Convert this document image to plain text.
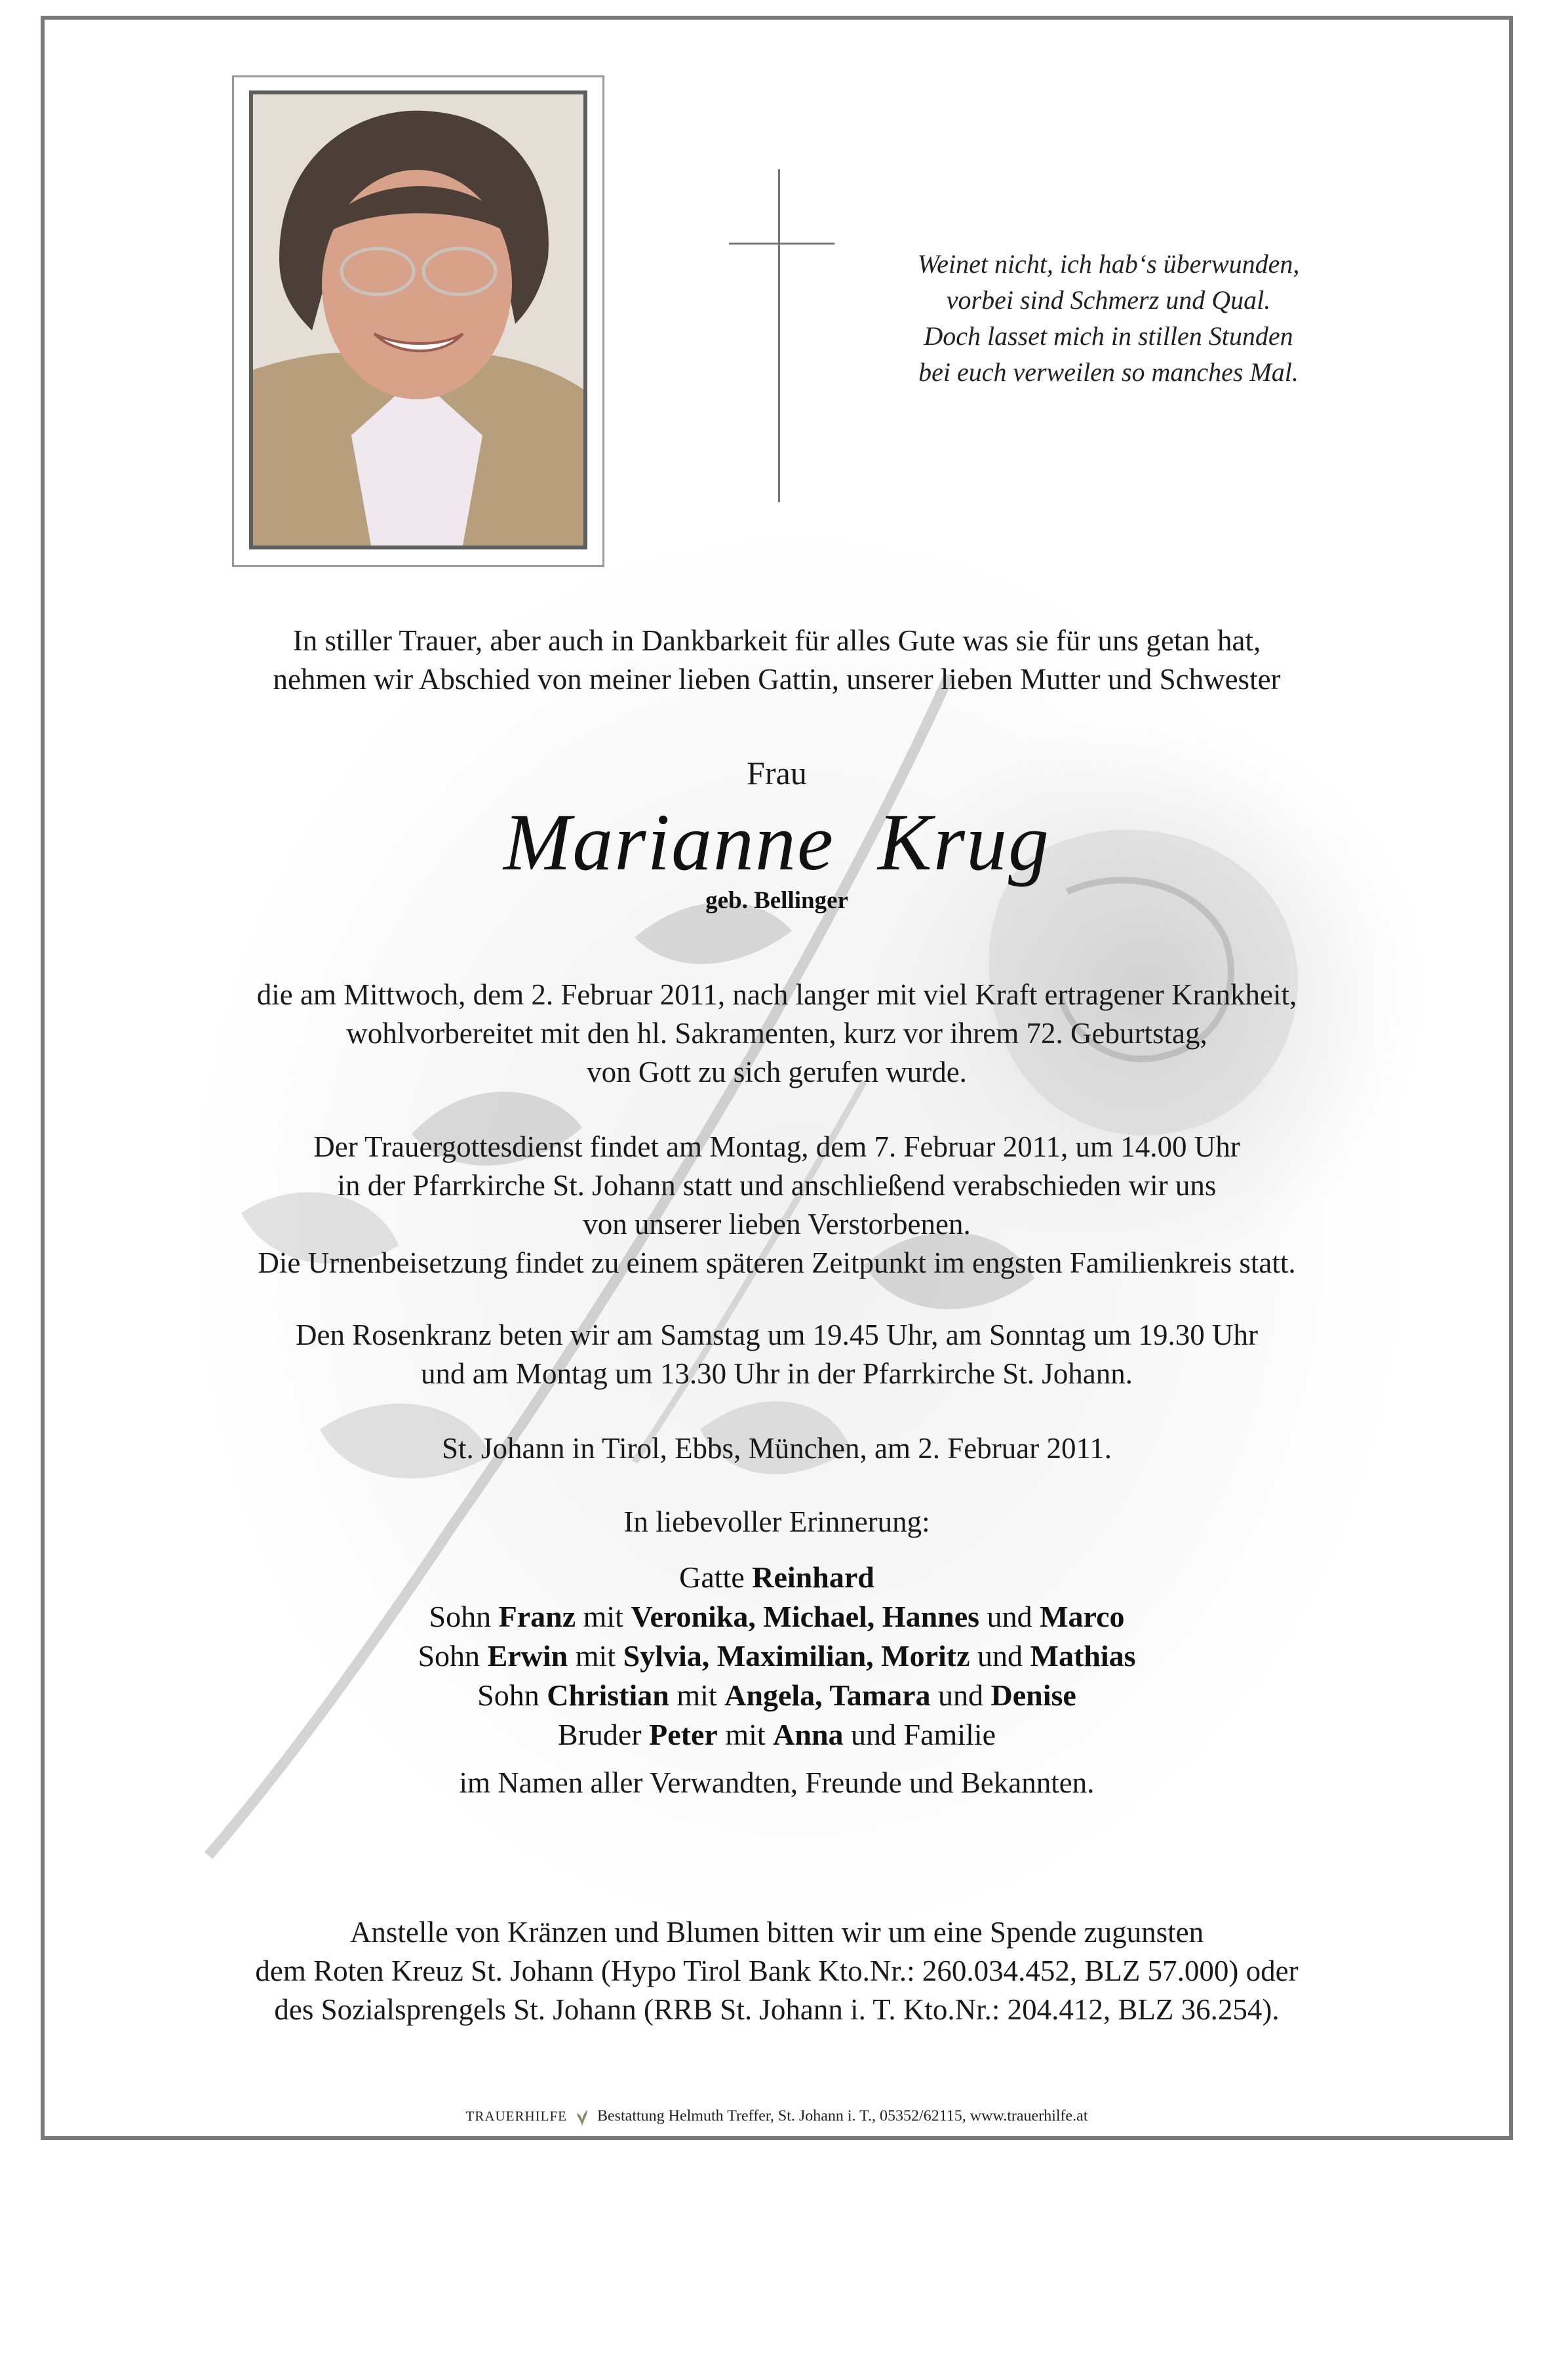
Weinet nicht, ich hab‘s überwunden,
vorbei sind Schmerz und Qual.
Doch lasset mich in stillen Stunden
bei euch verweilen so manches Mal.
In stiller Trauer, aber auch in Dankbarkeit für alles Gute was sie für uns getan hat,
nehmen wir Abschied von meiner lieben Gattin, unserer lieben Mutter und Schwester
Frau
Marianne  Krug
geb. Bellinger
die am Mittwoch, dem 2. Februar 2011, nach langer mit viel Kraft ertragener Krankheit,
wohlvorbereitet mit den hl. Sakramenten, kurz vor ihrem 72. Geburtstag,
von Gott zu sich gerufen wurde.
Der Trauergottesdienst findet am Montag, dem 7. Februar 2011, um 14.00 Uhr
in der Pfarrkirche St. Johann statt und anschließend verabschieden wir uns
von unserer lieben Verstorbenen.
Die Urnenbeisetzung findet zu einem späteren Zeitpunkt im engsten Familienkreis statt.
Den Rosenkranz beten wir am Samstag um 19.45 Uhr, am Sonntag um 19.30 Uhr
und am Montag um 13.30 Uhr in der Pfarrkirche St. Johann.
St. Johann in Tirol, Ebbs, München, am 2. Februar 2011.
In liebevoller Erinnerung:
Gatte Reinhard
Sohn Franz mit Veronika, Michael, Hannes und Marco
Sohn Erwin mit Sylvia, Maximilian, Moritz und Mathias
Sohn Christian mit Angela, Tamara und Denise
Bruder Peter mit Anna und Familie
im Namen aller Verwandten, Freunde und Bekannten.
Anstelle von Kränzen und Blumen bitten wir um eine Spende zugunsten
dem Roten Kreuz St. Johann (Hypo Tirol Bank Kto.Nr.: 260.034.452, BLZ 57.000) oder
des Sozialsprengels St. Johann (RRB St. Johann i. T. Kto.Nr.: 204.412, BLZ 36.254).
TRAUERHILFE Bestattung Helmuth Treffer, St. Johann i. T., 05352/62115, www.trauerhilfe.at
